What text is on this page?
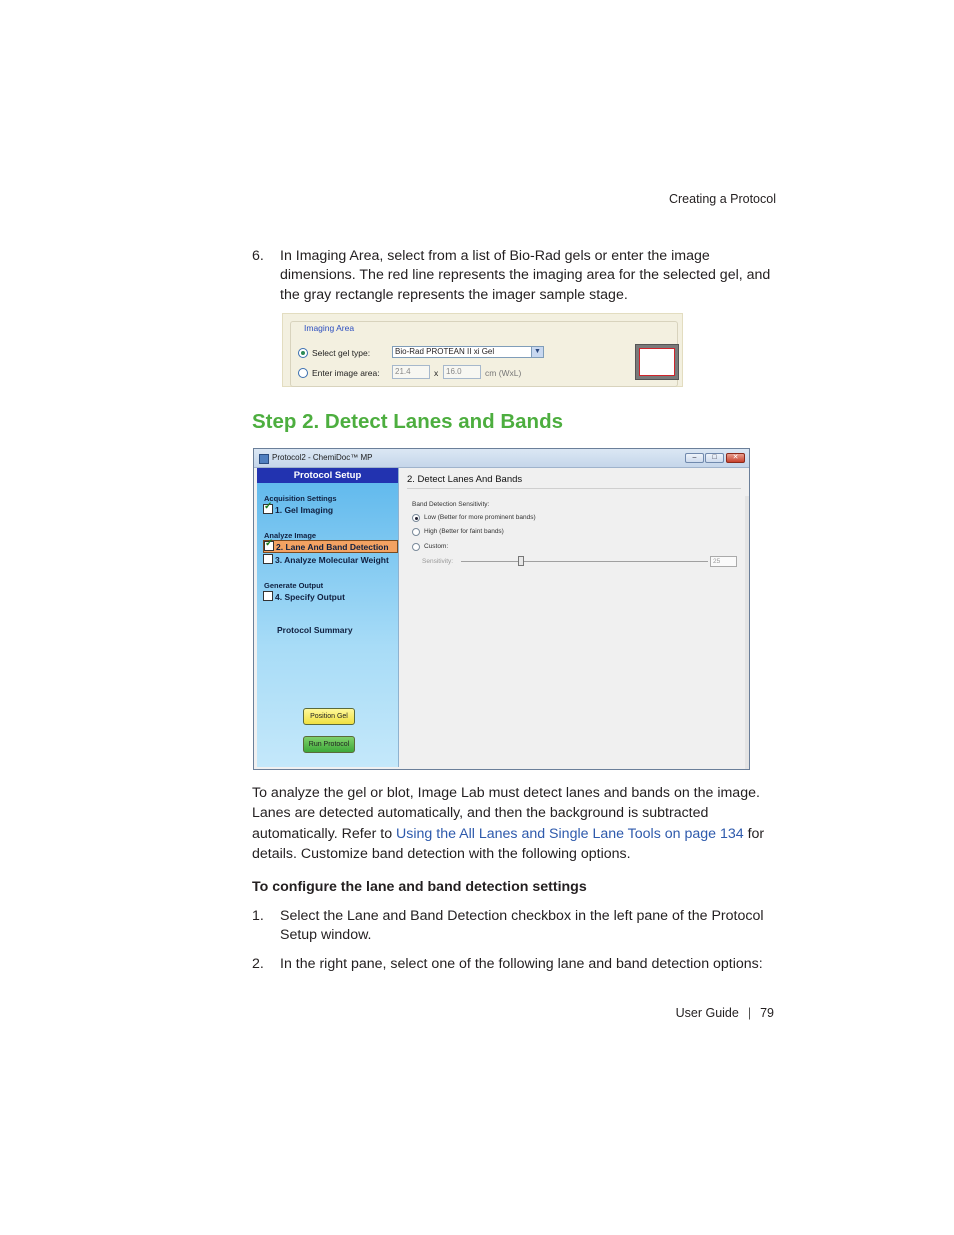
Creating a Protocol
6. In Imaging Area, select from a list of Bio-Rad gels or enter the image dimensions. The red line represents the imaging area for the selected gel, and the gray rectangle represents the imager sample stage.
Imaging Area
Select gel type:	Bio-Rad PROTEAN II xi Gel	▼
Enter image area:	21.4	x 16.0	cm (WxL)
Step 2. Detect Lanes and Bands
Protocol2 - ChemiDoc™ MP	–	□	✕
Protocol Setup
Acquisition Settings
✓1. Gel Imaging
Analyze Image
✓2. Lane And Band Detection
3. Analyze Molecular Weight
Generate Output
4. Specify Output
Protocol Summary
Position Gel
Run Protocol
2. Detect Lanes And Bands
Band Detection Sensitivity:
Low (Better for more prominent bands)
High (Better for faint bands)
Custom:
Sensitivity:	25
To analyze the gel or blot, Image Lab must detect lanes and bands on the image. Lanes are detected automatically, and then the background is subtracted automatically. Refer to Using the All Lanes and Single Lane Tools on page 134 for details. Customize band detection with the following options.
To configure the lane and band detection settings
1. Select the Lane and Band Detection checkbox in the left pane of the Protocol Setup window.
2. In the right pane, select one of the following lane and band detection options:
User Guide | 79
